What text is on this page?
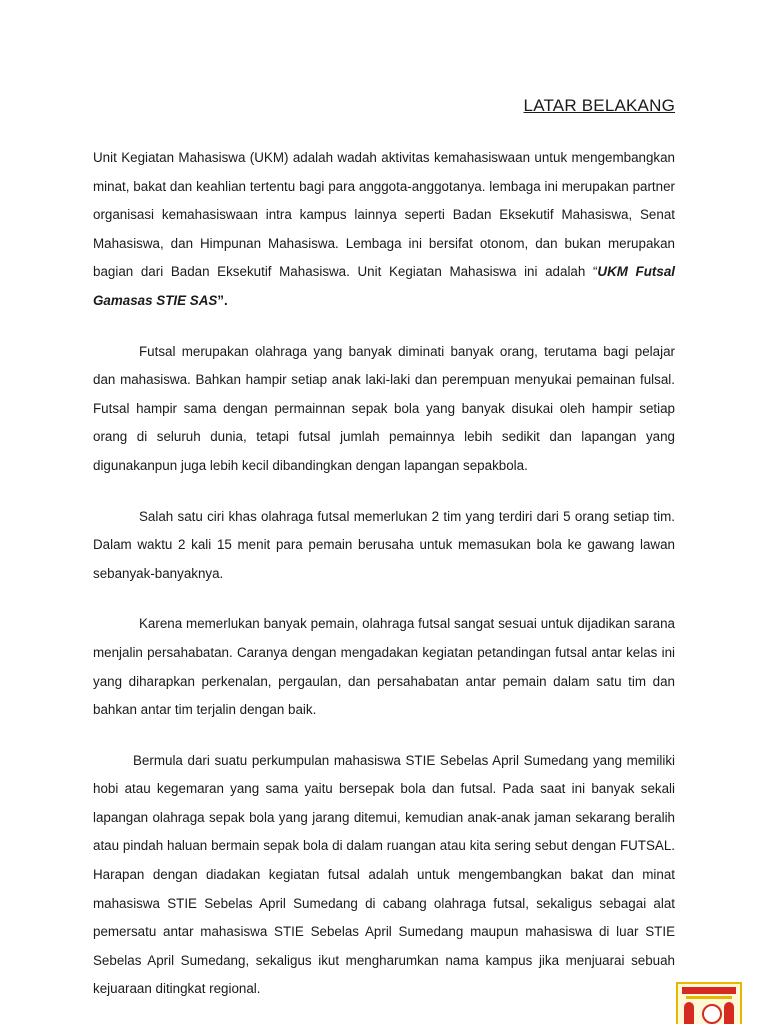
LATAR BELAKANG

Unit Kegiatan Mahasiswa (UKM) adalah wadah aktivitas kemahasiswaan untuk mengembangkan minat, bakat dan keahlian tertentu bagi para anggota-anggotanya. lembaga ini merupakan partner organisasi kemahasiswaan intra kampus lainnya seperti Badan Eksekutif Mahasiswa, Senat Mahasiswa, dan Himpunan Mahasiswa. Lembaga ini bersifat otonom, dan bukan merupakan bagian dari Badan Eksekutif Mahasiswa. Unit Kegiatan Mahasiswa ini adalah “UKM Futsal Gamasas STIE SAS”.

Futsal merupakan olahraga yang banyak diminati banyak orang, terutama bagi pelajar dan mahasiswa. Bahkan hampir setiap anak laki-laki dan perempuan menyukai pemainan fulsal. Futsal hampir sama dengan permainnan sepak bola yang banyak disukai oleh hampir setiap orang di seluruh dunia, tetapi futsal jumlah pemainnya lebih sedikit dan lapangan yang digunakanpun juga lebih kecil dibandingkan dengan lapangan sepakbola.

Salah satu ciri khas olahraga futsal memerlukan 2 tim yang terdiri dari 5 orang setiap tim. Dalam waktu 2 kali 15 menit para pemain berusaha untuk memasukan bola ke gawang lawan sebanyak-banyaknya.

Karena memerlukan banyak pemain, olahraga futsal sangat sesuai untuk dijadikan sarana menjalin persahabatan. Caranya dengan mengadakan kegiatan petandingan futsal antar kelas ini yang diharapkan perkenalan, pergaulan, dan persahabatan antar pemain dalam satu tim dan bahkan antar tim terjalin dengan baik.

Bermula dari suatu perkumpulan mahasiswa STIE Sebelas April Sumedang yang memiliki hobi atau kegemaran yang sama yaitu bersepak bola dan futsal. Pada saat ini banyak sekali lapangan olahraga sepak bola yang jarang ditemui, kemudian anak-anak jaman sekarang beralih atau pindah haluan bermain sepak bola di dalam ruangan atau kita sering sebut dengan FUTSAL. Harapan dengan diadakan kegiatan futsal adalah untuk mengembangkan bakat dan minat mahasiswa STIE Sebelas April Sumedang di cabang olahraga futsal, sekaligus sebagai alat pemersatu antar mahasiswa STIE Sebelas April Sumedang maupun mahasiswa di luar STIE Sebelas April Sumedang, sekaligus ikut mengharumkan nama kampus jika menjuarai sebuah kejuaraan ditingkat regional.
